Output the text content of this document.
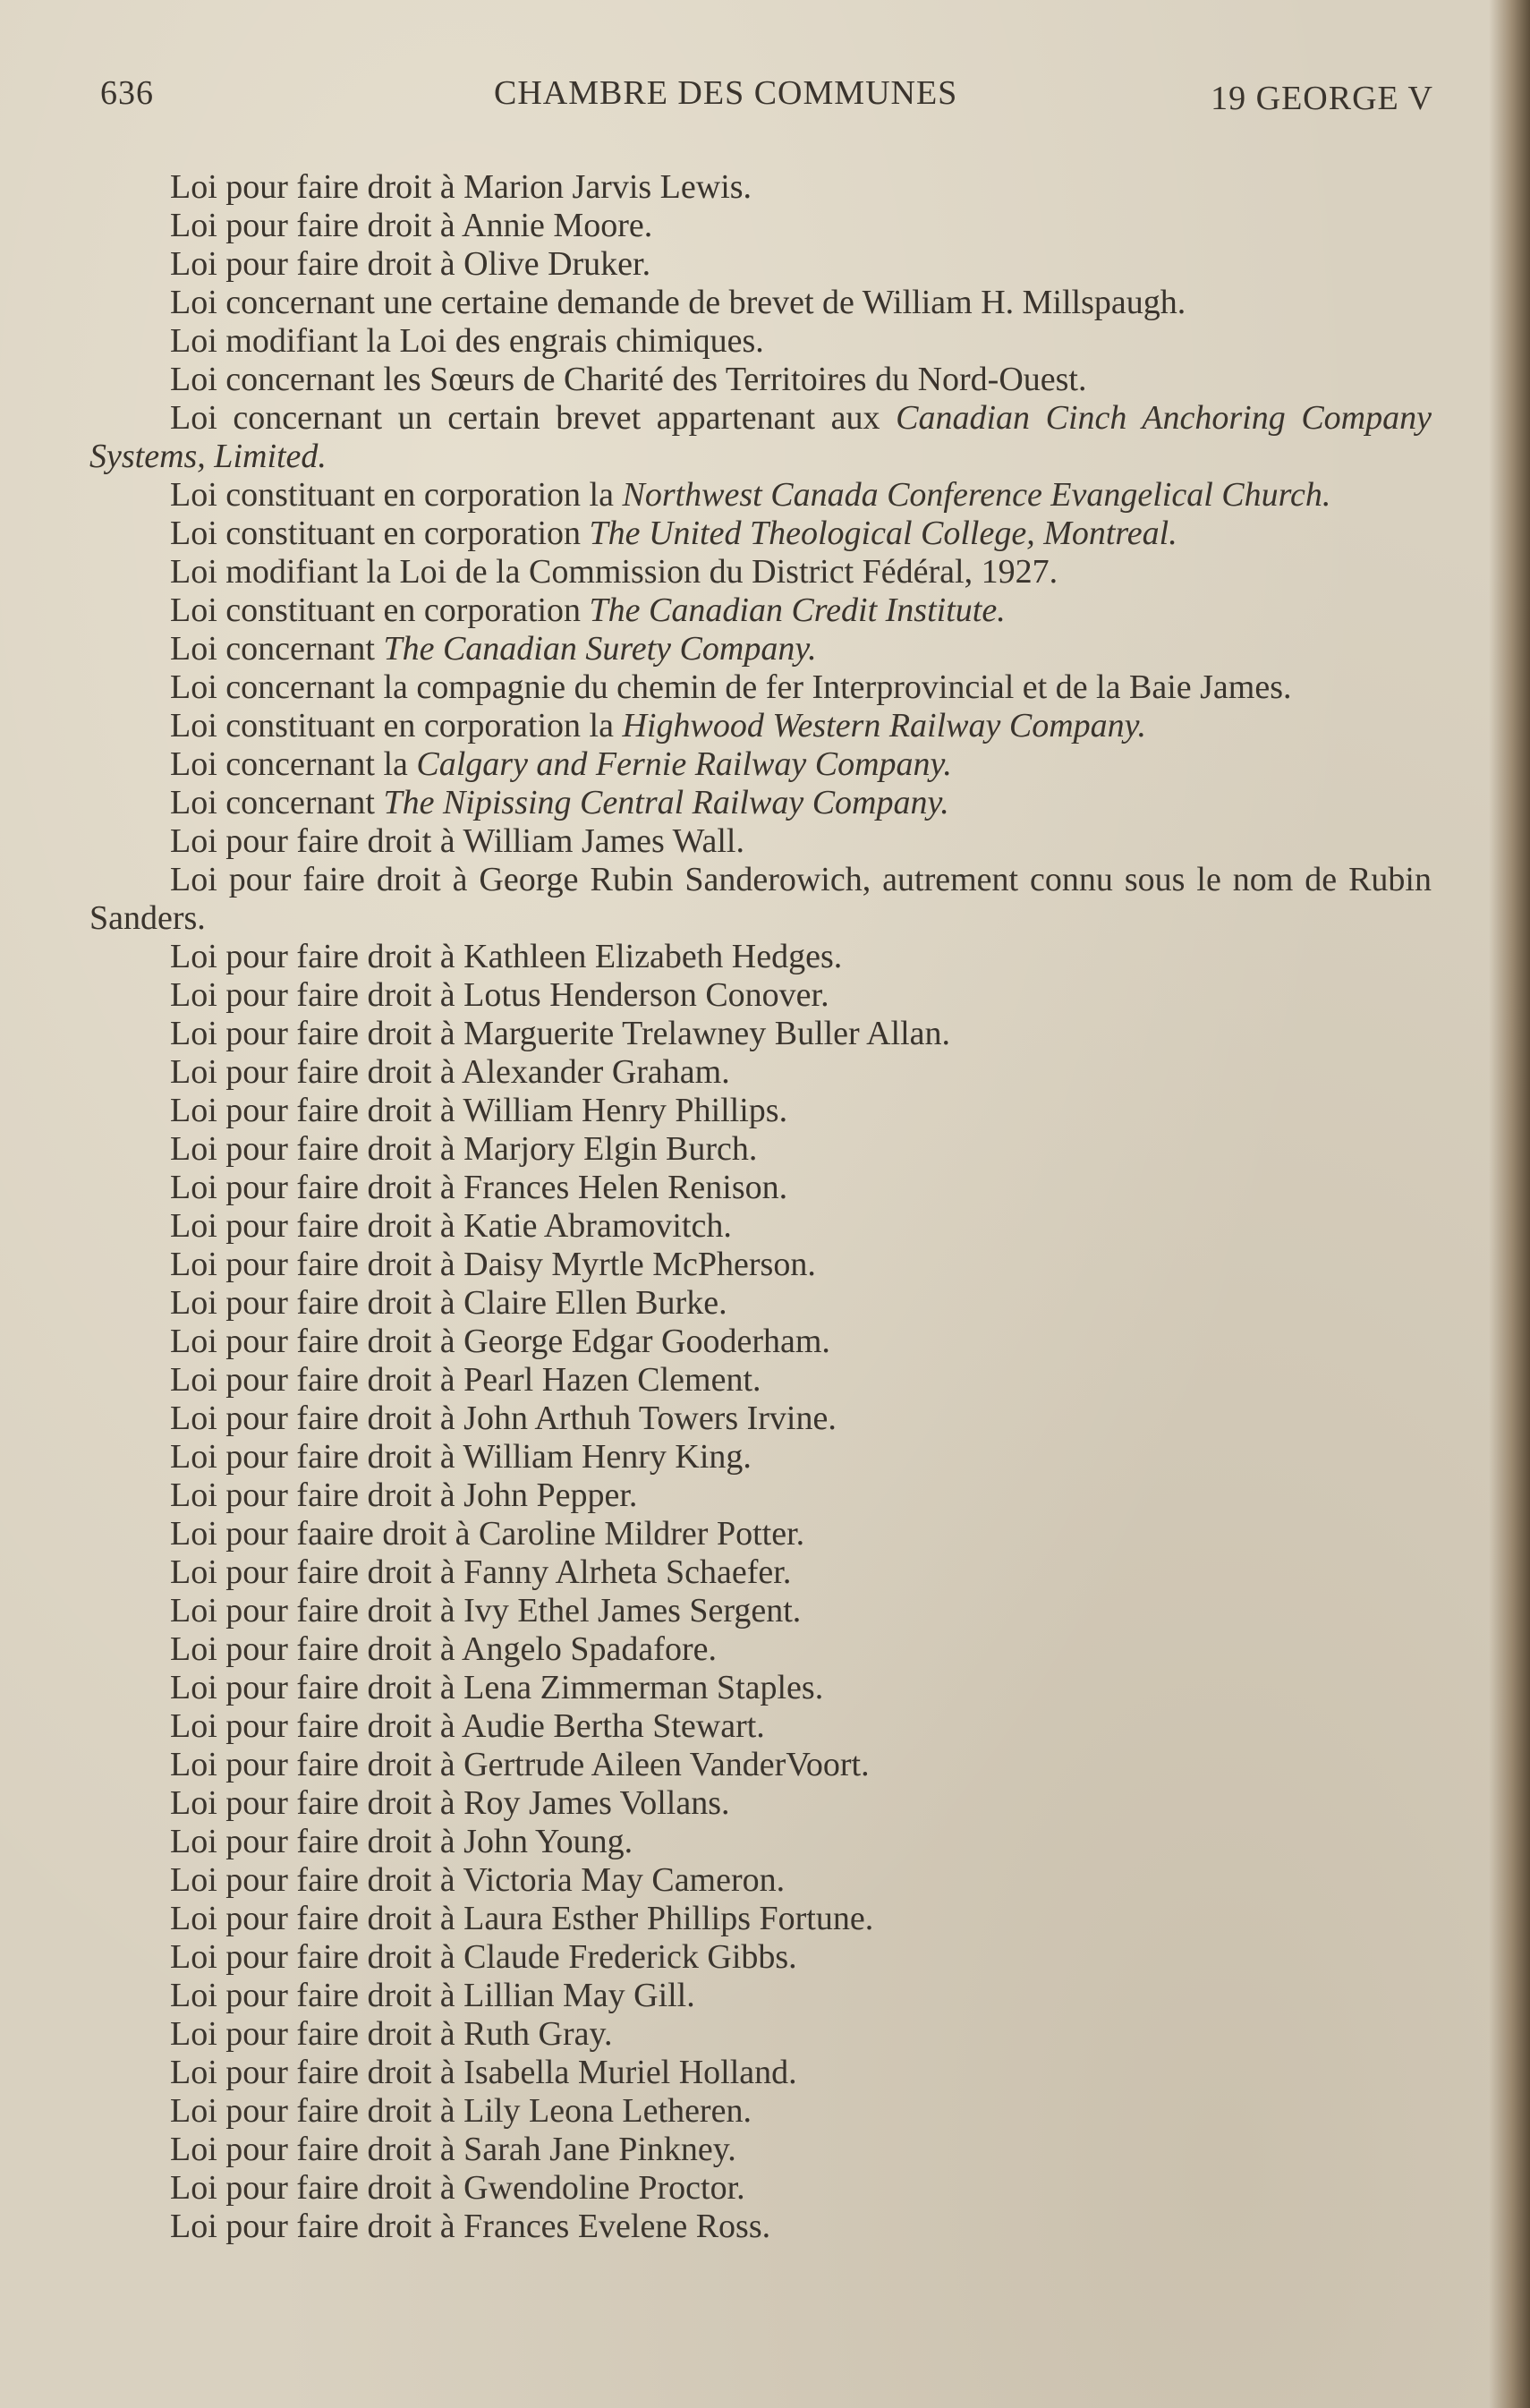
636	CHAMBRE DES COMMUNES	19 GEORGE V

Loi pour faire droit à Marion Jarvis Lewis.

Loi pour faire droit à Annie Moore.

Loi pour faire droit à Olive Druker.

Loi concernant une certaine demande de brevet de William H. Millspaugh.

Loi modifiant la Loi des engrais chimiques.

Loi concernant les Sœurs de Charité des Territoires du Nord-Ouest.

Loi concernant un certain brevet appartenant aux Canadian Cinch Anchoring Company Systems, Limited.

Loi constituant en corporation la Northwest Canada Conference Evangelical Church.

Loi constituant en corporation The United Theological College, Montreal.

Loi modifiant la Loi de la Commission du District Fédéral, 1927.

Loi constituant en corporation The Canadian Credit Institute.

Loi concernant The Canadian Surety Company.

Loi concernant la compagnie du chemin de fer Interprovincial et de la Baie James.

Loi constituant en corporation la Highwood Western Railway Company.

Loi concernant la Calgary and Fernie Railway Company.

Loi concernant The Nipissing Central Railway Company.

Loi pour faire droit à William James Wall.

Loi pour faire droit à George Rubin Sanderowich, autrement connu sous le nom de Rubin Sanders.

Loi pour faire droit à Kathleen Elizabeth Hedges.

Loi pour faire droit à Lotus Henderson Conover.

Loi pour faire droit à Marguerite Trelawney Buller Allan.

Loi pour faire droit à Alexander Graham.

Loi pour faire droit à William Henry Phillips.

Loi pour faire droit à Marjory Elgin Burch.

Loi pour faire droit à Frances Helen Renison.

Loi pour faire droit à Katie Abramovitch.

Loi pour faire droit à Daisy Myrtle McPherson.

Loi pour faire droit à Claire Ellen Burke.

Loi pour faire droit à George Edgar Gooderham.

Loi pour faire droit à Pearl Hazen Clement.

Loi pour faire droit à John Arthuh Towers Irvine.

Loi pour faire droit à William Henry King.

Loi pour faire droit à John Pepper.

Loi pour faaire droit à Caroline Mildrer Potter.

Loi pour faire droit à Fanny Alrheta Schaefer.

Loi pour faire droit à Ivy Ethel James Sergent.

Loi pour faire droit à Angelo Spadafore.

Loi pour faire droit à Lena Zimmerman Staples.

Loi pour faire droit à Audie Bertha Stewart.

Loi pour faire droit à Gertrude Aileen VanderVoort.

Loi pour faire droit à Roy James Vollans.

Loi pour faire droit à John Young.

Loi pour faire droit à Victoria May Cameron.

Loi pour faire droit à Laura Esther Phillips Fortune.

Loi pour faire droit à Claude Frederick Gibbs.

Loi pour faire droit à Lillian May Gill.

Loi pour faire droit à Ruth Gray.

Loi pour faire droit à Isabella Muriel Holland.

Loi pour faire droit à Lily Leona Letheren.

Loi pour faire droit à Sarah Jane Pinkney.

Loi pour faire droit à Gwendoline Proctor.

Loi pour faire droit à Frances Evelene Ross.
